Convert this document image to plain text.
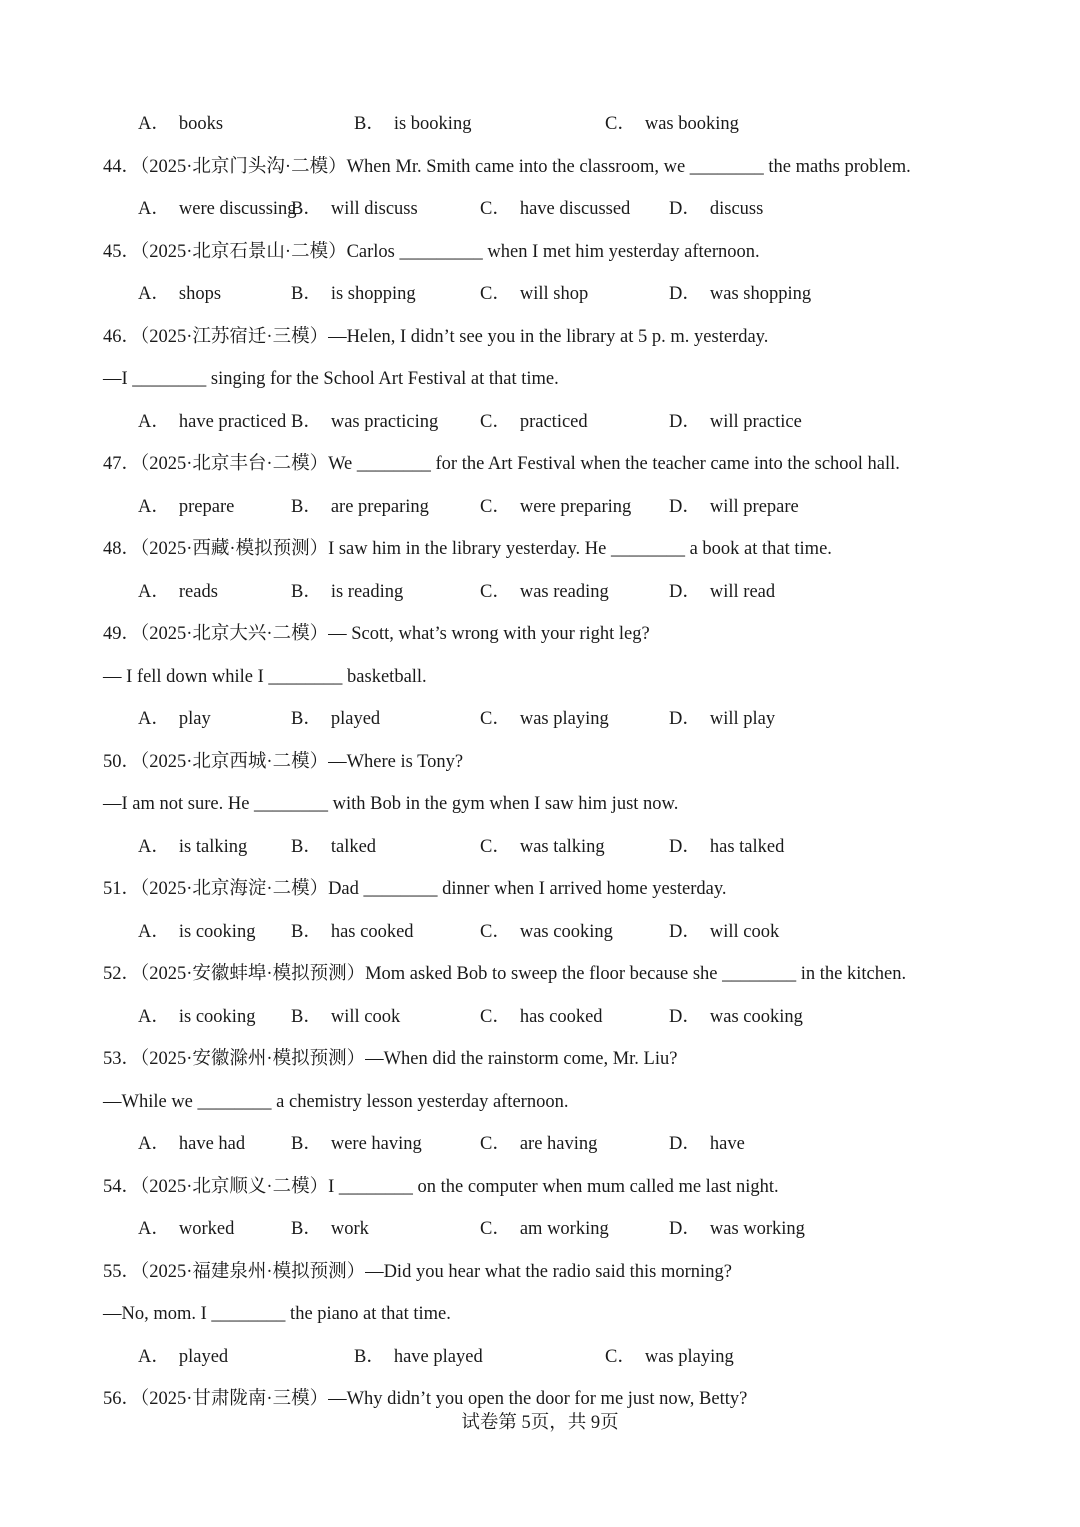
A． books	B． is booking	C． was booking
44．（2025·北京门头沟·二模）When Mr. Smith came into the classroom, we ________ the maths problem.
A． were discussing
B． will discuss	C． have discussed D． discuss
45．（2025·北京石景山·二模）Carlos _________ when I met him yesterday afternoon.
A． shops	B． is shopping	C． will shop	D． was shopping
46．（2025·江苏宿迁·三模）—Helen, I didn’t see you in the library at 5 p. m. yesterday.
—I ________ singing for the School Art Festival at that time.
A． have practiced B． was practicing C． practiced	D． will practice
47．（2025·北京丰台·二模）We ________ for the Art Festival when the teacher came into the school hall.
A． prepare	B． are preparing	C． were preparing D． will prepare
48．（2025·西藏·模拟预测）I saw him in the library yesterday. He ________ a book at that time.
A． reads	B． is reading	C． was reading	D． will read
49．（2025·北京大兴·二模）— Scott, what’s wrong with your right leg?
— I fell down while I ________ basketball.
A． play	B． played	C． was playing	D． will play
50．（2025·北京西城·二模）—Where is Tony?
—I am not sure. He ________ with Bob in the gym when I saw him just now.
A． is talking B． talked	C． was talking	D． has talked
51．（2025·北京海淀·二模）Dad ________ dinner when I arrived home yesterday.
A． is cooking B． has cooked	C． was cooking	D． will cook
52．（2025·安徽蚌埠·模拟预测）Mom asked Bob to sweep the floor because she ________ in the kitchen.
A． is cooking B． will cook	C． has cooked	D． was cooking
53．（2025·安徽滁州·模拟预测）—When did the rainstorm come, Mr. Liu?
—While we ________ a chemistry lesson yesterday afternoon.
A． have had B． were having	C． are having	D． have
54．（2025·北京顺义·二模）I ________ on the computer when mum called me last night.
A． worked	B． work	C． am working	D． was working
55．（2025·福建泉州·模拟预测）—Did you hear what the radio said this morning?
—No, mom. I ________ the piano at that time.
A． played	B． have played	C． was playing
56．（2025·甘肃陇南·三模）—Why didn’t you open the door for me just now, Betty?
试卷第 5页，共 9页
